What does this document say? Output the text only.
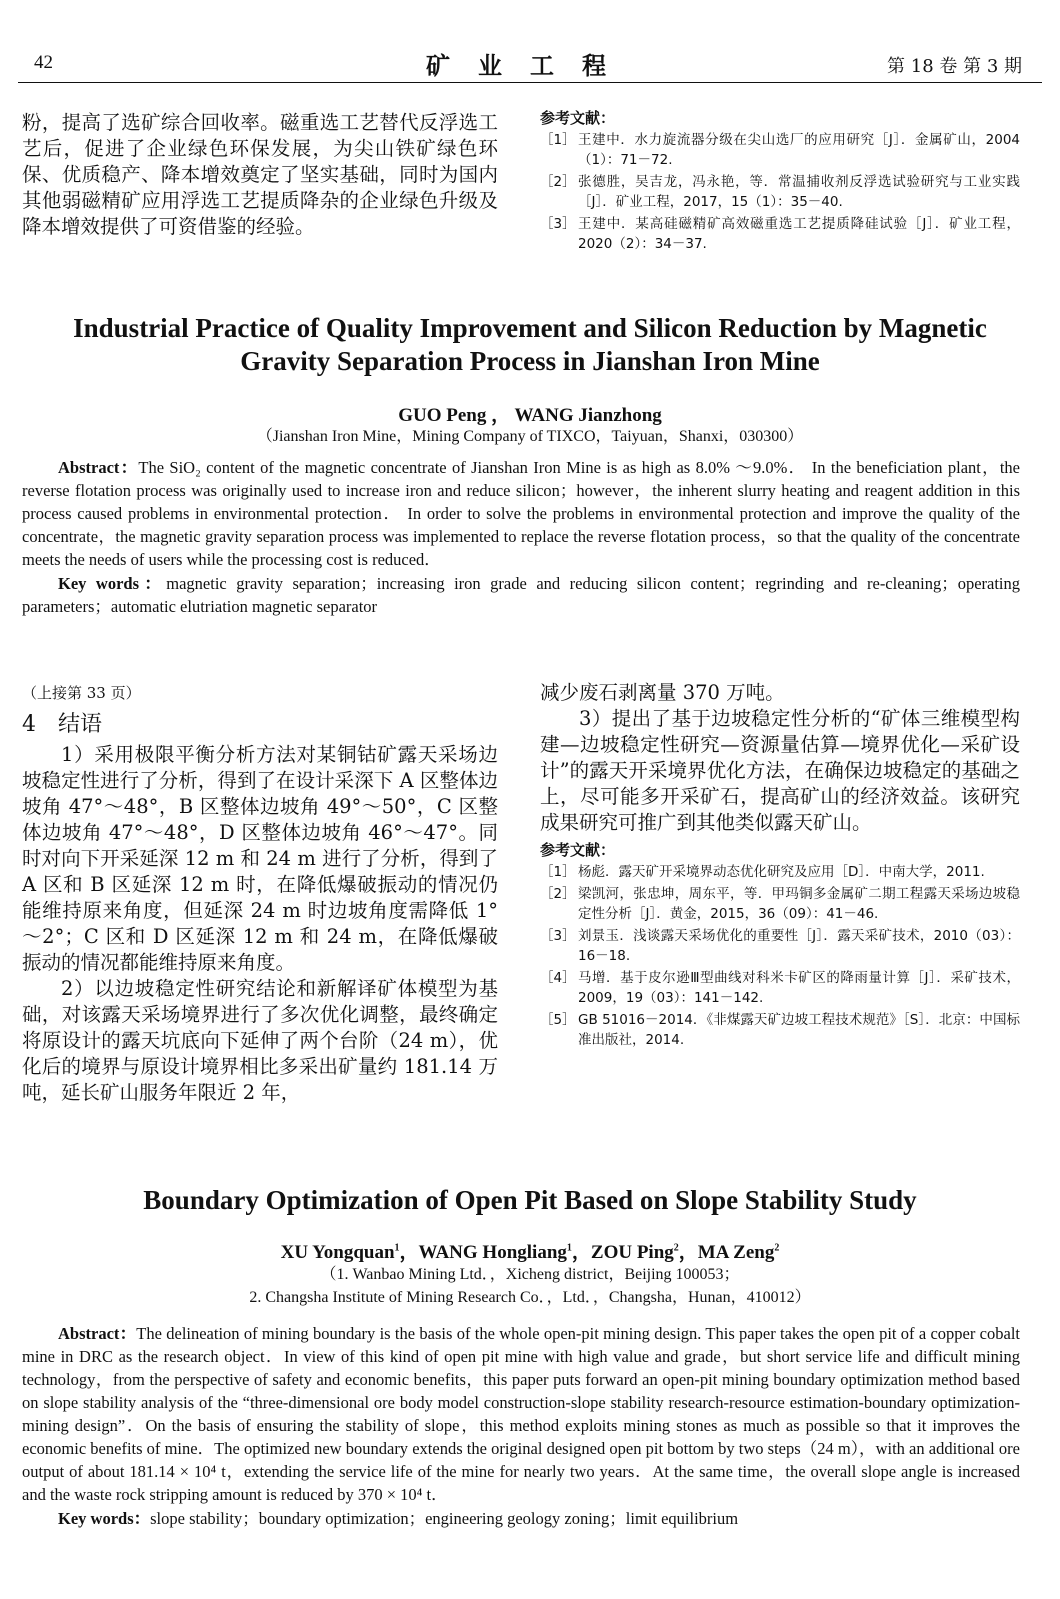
42	矿业工程	第 18 卷 第 3 期
粉，提高了选矿综合回收率。磁重选工艺替代反浮选工艺后，促进了企业绿色环保发展，为尖山铁矿绿色环保、优质稳产、降本增效奠定了坚实基础，同时为国内其他弱磁精矿应用浮选工艺提质降杂的企业绿色升级及降本增效提供了可资借鉴的经验。
参考文献：
［1］ 王建中．水力旋流器分级在尖山选厂的应用研究［J］．金属矿山，2004（1）：71－72.
［2］ 张德胜，吴吉龙，冯永艳，等．常温捕收剂反浮选试验研究与工业实践［J］．矿业工程，2017，15（1）：35－40.
［3］ 王建中．某高硅磁精矿高效磁重选工艺提质降硅试验［J］．矿业工程，2020（2）：34－37.
Industrial Practice of Quality Improvement and Silicon Reduction by Magnetic
Gravity Separation Process in Jianshan Iron Mine
GUO Peng ， WANG Jianzhong
（Jianshan Iron Mine，Mining Company of TIXCO，Taiyuan，Shanxi，030300）
Abstract：The SiO₂ content of the magnetic concentrate of Jianshan Iron Mine is as high as 8.0% ～9.0%． In the beneficiation plant，the reverse flotation process was originally used to increase iron and reduce silicon；however，the inherent slurry heating and reagent addition in this process caused problems in environmental protection． In order to solve the problems in environmental protection and improve the quality of the concentrate，the magnetic gravity separation process was implemented to replace the reverse flotation process，so that the quality of the concentrate meets the needs of users while the processing cost is reduced．
Key words：magnetic gravity separation；increasing iron grade and reducing silicon content；regrinding and re-cleaning；operating parameters；automatic elutriation magnetic separator
（上接第 33 页）
4　结语
1）采用极限平衡分析方法对某铜钴矿露天采场边坡稳定性进行了分析，得到了在设计采深下 A 区整体边坡角 47°～48°，B 区整体边坡角 49°～50°，C 区整体边坡角 47°～48°，D 区整体边坡角 46°～47°。同时对向下开采延深 12 m 和 24 m 进行了分析，得到了 A 区和 B 区延深 12 m 时，在降低爆破振动的情况仍能维持原来角度，但延深 24 m 时边坡角度需降低 1°～2°；C 区和 D 区延深 12 m 和 24 m，在降低爆破振动的情况都能维持原来角度。
2）以边坡稳定性研究结论和新解译矿体模型为基础，对该露天采场境界进行了多次优化调整，最终确定将原设计的露天坑底向下延伸了两个台阶（24 m），优化后的境界与原设计境界相比多采出矿量约 181.14 万吨，延长矿山服务年限近 2 年，
减少废石剥离量 370 万吨。
3）提出了基于边坡稳定性分析的“矿体三维模型构建—边坡稳定性研究—资源量估算—境界优化—采矿设计”的露天开采境界优化方法，在确保边坡稳定的基础之上，尽可能多开采矿石，提高矿山的经济效益。该研究成果研究可推广到其他类似露天矿山。
参考文献：
［1］ 杨彪．露天矿开采境界动态优化研究及应用［D］．中南大学，2011.
［2］ 梁凯河，张忠坤，周东平，等．甲玛铜多金属矿二期工程露天采场边坡稳定性分析［J］．黄金，2015，36（09）：41－46.
［3］ 刘景玉．浅谈露天采场优化的重要性［J］．露天采矿技术，2010（03）：16－18.
［4］ 马增．基于皮尔逊Ⅲ型曲线对科米卡矿区的降雨量计算［J］．采矿技术，2009，19（03）：141－142.
［5］ GB 51016－2014．《非煤露天矿边坡工程技术规范》［S］．北京：中国标准出版社，2014.
Boundary Optimization of Open Pit Based on Slope Stability Study
XU Yongquan$^1$，WANG Hongliang$^1$，ZOU Ping$^2$，MA Zeng$^2$
（1. Wanbao Mining Ltd．，Xicheng district，Beijing 100053；
2. Changsha Institute of Mining Research Co．，Ltd．，Changsha，Hunan，410012）
Abstract：The delineation of mining boundary is the basis of the whole open-pit mining design. This paper takes the open pit of a copper cobalt mine in DRC as the research object．In view of this kind of open pit mine with high value and grade，but short service life and difficult mining technology，from the perspective of safety and economic benefits，this paper puts forward an open-pit mining boundary optimization method based on slope stability analysis of the “three-dimensional ore body model construction-slope stability research-resource estimation-boundary optimization-mining design”．On the basis of ensuring the stability of slope，this method exploits mining stones as much as possible so that it improves the economic benefits of mine．The optimized new boundary extends the original designed open pit bottom by two steps（24 m），with an additional ore output of about 181.14 × 10⁴ t，extending the service life of the mine for nearly two years．At the same time，the overall slope angle is increased and the waste rock stripping amount is reduced by 370 × 10⁴ t．
Key words：slope stability；boundary optimization；engineering geology zoning；limit equilibrium
